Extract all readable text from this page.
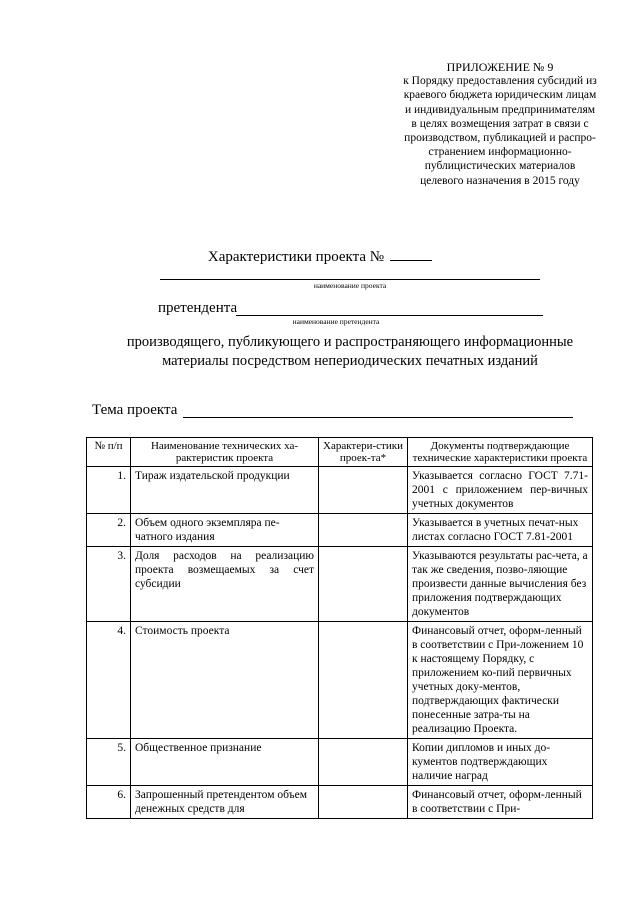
ПРИЛОЖЕНИЕ № 9
к Порядку предоставления субсидий из
краевого бюджета юридическим лицам
и индивидуальным предпринимателям
в целях возмещения затрат в связи с
производством, публикацией и распро-
странением информационно-
публицистических материалов
целевого назначения в 2015 году
Характеристики проекта №
наименование проекта
претендента
наименование претендента
производящего, публикующего и распространяющего информационные
материалы посредством непериодических печатных изданий
Тема проекта
№ п/п	Наименование технических ха-рактеристик проекта	Характери-стики проек-та*	Документы подтверждающие технические характеристики проекта
1.	Тираж издательской продукции		Указывается согласно ГОСТ 7.71-2001 с приложением пер-вичных учетных документов
2.	Объем одного экземпляра пе-чатного издания		Указывается в учетных печат-ных листах согласно ГОСТ 7.81-2001
3.	Доля расходов на реализацию проекта возмещаемых за счет субсидии		Указываются результаты рас-чета, а так же сведения, позво-ляющие произвести данные вычисления без приложения подтверждающих документов
4.	Стоимость проекта		Финансовый отчет, оформ-ленный в соответствии с При-ложением 10 к настоящему Порядку, с приложением ко-пий первичных учетных доку-ментов, подтверждающих фактически понесенные затра-ты на реализацию Проекта.
5.	Общественное признание		Копии дипломов и иных до-кументов подтверждающих наличие наград
6.	Запрошенный претендентом объем денежных средств для		Финансовый отчет, оформ-ленный в соответствии с При-
